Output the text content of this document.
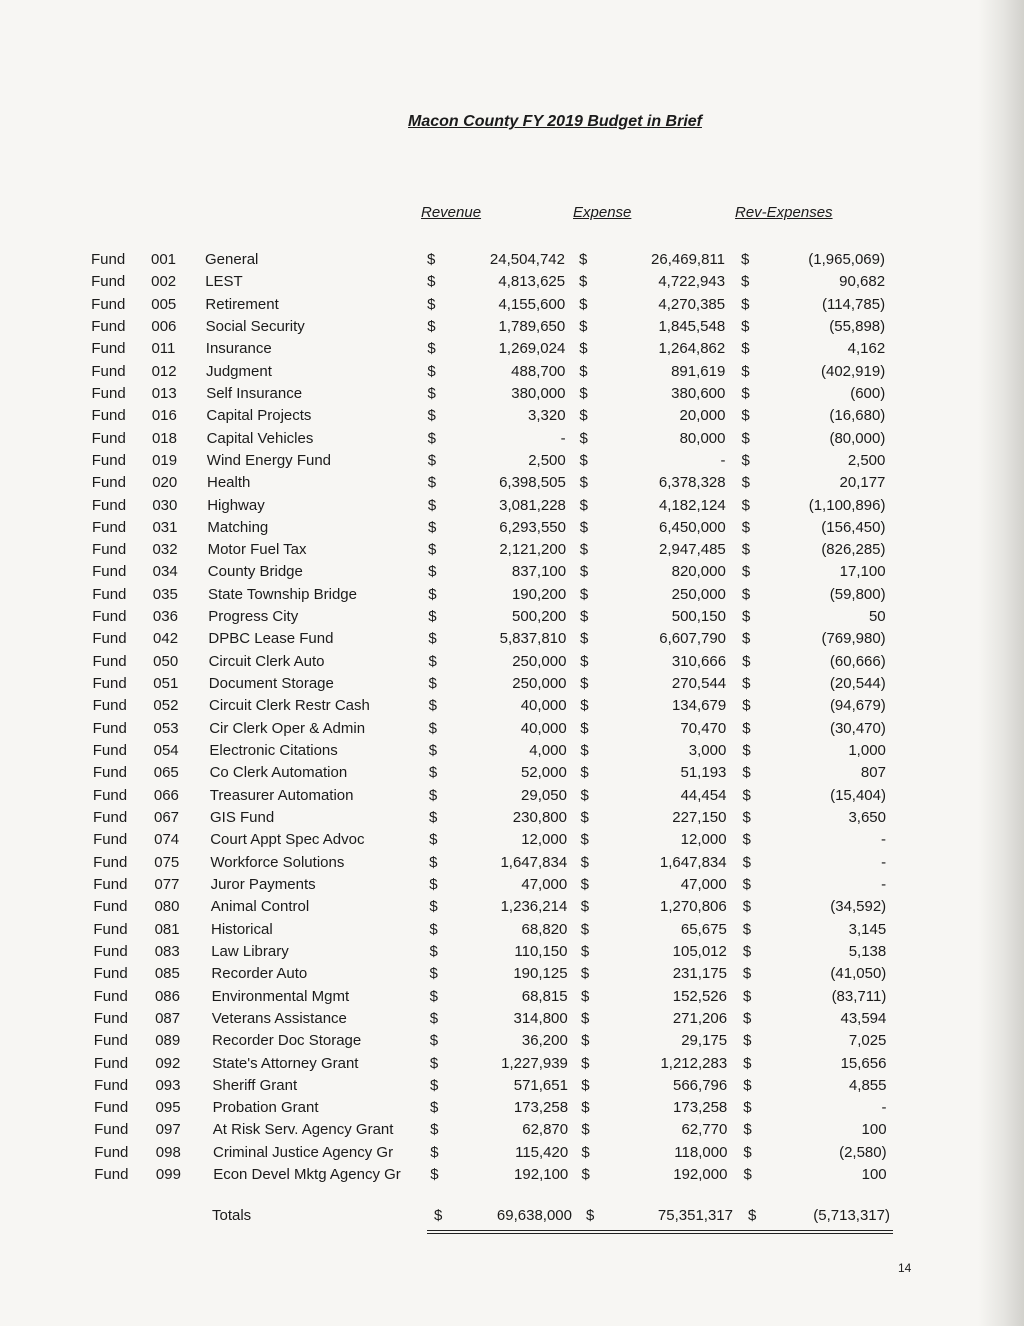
Macon County FY 2019 Budget in Brief
Revenue	Expense	Rev-Expenses
Fund 001 General	$	24,504,742 $	26,469,811 $	(1,965,069)
Fund 002 LEST	$	4,813,625 $	4,722,943 $	90,682
Fund 005 Retirement	$	4,155,600 $	4,270,385 $	(114,785)
Fund 006 Social Security	$	1,789,650 $	1,845,548 $	(55,898)
Fund 011 Insurance	$	1,269,024 $	1,264,862 $	4,162
Fund 012 Judgment	$	488,700 $	891,619 $	(402,919)
Fund 013 Self Insurance	$	380,000 $	380,600 $	(600)
Fund 016 Capital Projects	$	3,320 $	20,000 $	(16,680)
Fund 018 Capital Vehicles	$	- $	80,000 $	(80,000)
Fund 019 Wind Energy Fund	$	2,500 $	- $	2,500
Fund 020 Health	$	6,398,505 $	6,378,328 $	20,177
Fund 030 Highway	$	3,081,228 $	4,182,124 $	(1,100,896)
Fund 031 Matching	$	6,293,550 $	6,450,000 $	(156,450)
Fund 032 Motor Fuel Tax	$	2,121,200 $	2,947,485 $	(826,285)
Fund 034 County Bridge	$	837,100 $	820,000 $	17,100
Fund 035 State Township Bridge	$	190,200 $	250,000 $	(59,800)
Fund 036 Progress City	$	500,200 $	500,150 $	50
Fund 042 DPBC Lease Fund	$	5,837,810 $	6,607,790 $	(769,980)
Fund 050 Circuit Clerk Auto	$	250,000 $	310,666 $	(60,666)
Fund 051 Document Storage	$	250,000 $	270,544 $	(20,544)
Fund 052 Circuit Clerk Restr Cash	$	40,000 $	134,679 $	(94,679)
Fund 053 Cir Clerk Oper & Admin	$	40,000 $	70,470 $	(30,470)
Fund 054 Electronic Citations	$	4,000 $	3,000 $	1,000
Fund 065 Co Clerk Automation	$	52,000 $	51,193 $	807
Fund 066 Treasurer Automation	$	29,050 $	44,454 $	(15,404)
Fund 067 GIS Fund	$	230,800 $	227,150 $	3,650
Fund 074 Court Appt Spec Advoc	$	12,000 $	12,000 $	-
Fund 075 Workforce Solutions	$	1,647,834 $	1,647,834 $	-
Fund 077 Juror Payments	$	47,000 $	47,000 $	-
Fund 080 Animal Control	$	1,236,214 $	1,270,806 $	(34,592)
Fund 081 Historical	$	68,820 $	65,675 $	3,145
Fund 083 Law Library	$	110,150 $	105,012 $	5,138
Fund 085 Recorder Auto	$	190,125 $	231,175 $	(41,050)
Fund 086 Environmental Mgmt	$	68,815 $	152,526 $	(83,711)
Fund 087 Veterans Assistance	$	314,800 $	271,206 $	43,594
Fund 089 Recorder Doc Storage	$	36,200 $	29,175 $	7,025
Fund 092 State's Attorney Grant	$	1,227,939 $	1,212,283 $	15,656
Fund 093 Sheriff Grant	$	571,651 $	566,796 $	4,855
Fund 095 Probation Grant	$	173,258 $	173,258 $	-
Fund 097 At Risk Serv. Agency Grant $	62,870 $	62,770 $	100
Fund 098 Criminal Justice Agency Gr $	115,420 $	118,000 $	(2,580)
Fund 099 Econ Devel Mktg Agency Gr $	192,100 $	192,000 $	100
Totals	$	69,638,000 $	75,351,317 $	(5,713,317)
14
